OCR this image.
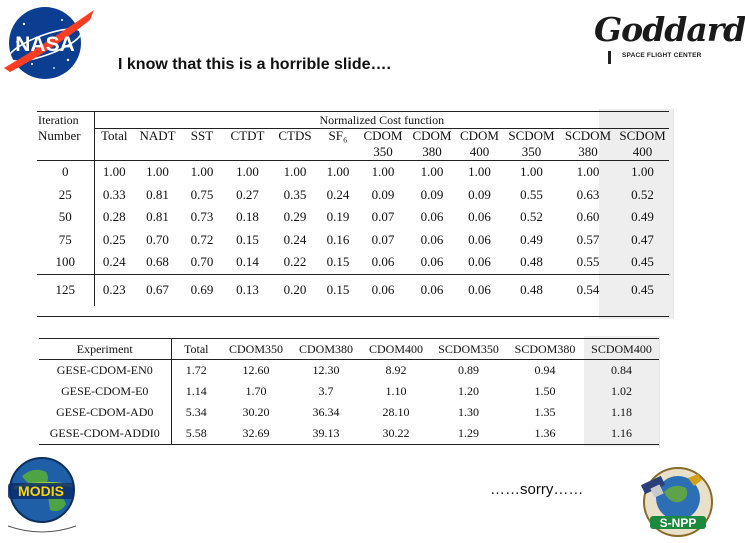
NASA	Goddard
SPACE FLIGHT CENTER
I know that this is a horrible slide….
Iteration	Normalized Cost function											
Number	Total	NADT	SST	CTDT	CTDS	SF₆	CDOM	CDOM	CDOM	SCDOM	SCDOM	SCDOM
							350	380	400	350	380	400
0	1.00	1.00	1.00	1.00	1.00	1.00	1.00	1.00	1.00	1.00	1.00	1.00
25	0.33	0.81	0.75	0.27	0.35	0.24	0.09	0.09	0.09	0.55	0.63	0.52
50	0.28	0.81	0.73	0.18	0.29	0.19	0.07	0.06	0.06	0.52	0.60	0.49
75	0.25	0.70	0.72	0.15	0.24	0.16	0.07	0.06	0.06	0.49	0.57	0.47
100	0.24	0.68	0.70	0.14	0.22	0.15	0.06	0.06	0.06	0.48	0.55	0.45
125	0.23	0.67	0.69	0.13	0.20	0.15	0.06	0.06	0.06	0.48	0.54	0.45
Experiment	Total	CDOM350	CDOM380	CDOM400	SCDOM350	SCDOM380	SCDOM400
GESE-CDOM-EN0	1.72	12.60	12.30	8.92	0.89	0.94	0.84
GESE-CDOM-E0	1.14	1.70	3.7	1.10	1.20	1.50	1.02
GESE-CDOM-AD0	5.34	30.20	36.34	28.10	1.30	1.35	1.18
GESE-CDOM-ADDI0	5.58	32.69	39.13	30.22	1.29	1.36	1.16
MODIS	……sorry……
S-NPP
